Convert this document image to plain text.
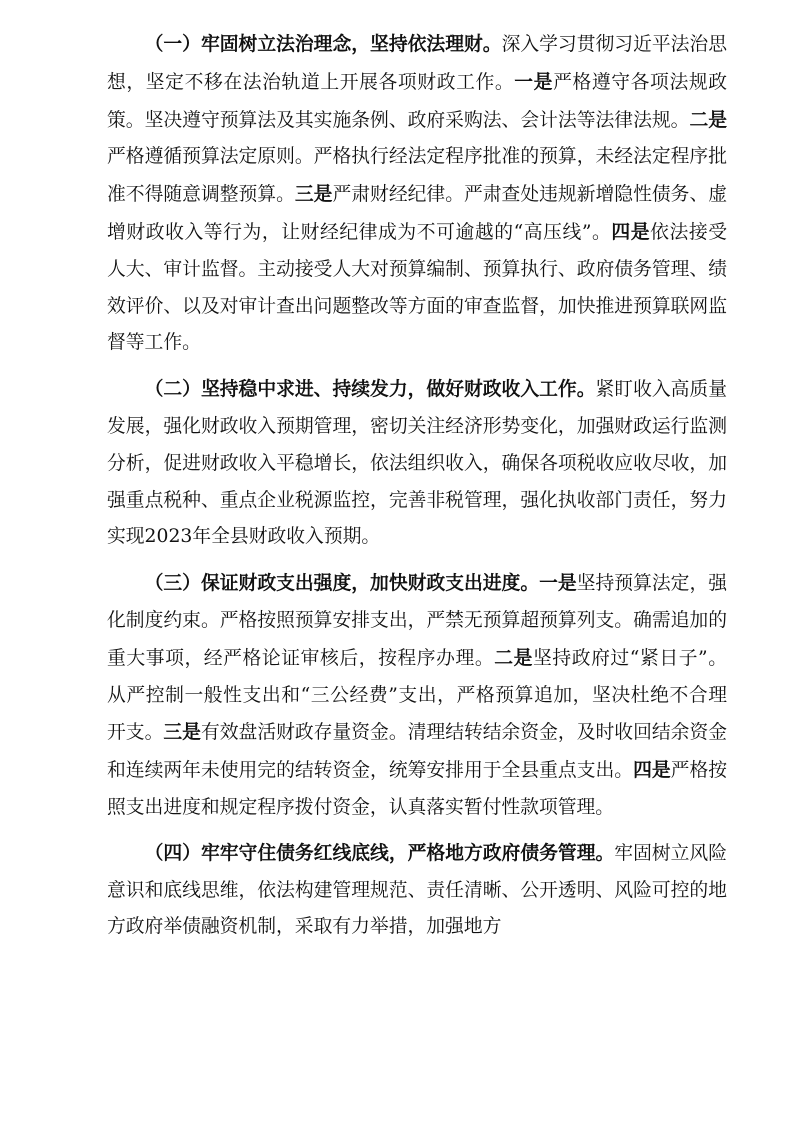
（一）牢固树立法治理念，坚持依法理财。深入学习贯彻习近平法治思想，坚定不移在法治轨道上开展各项财政工作。一是严格遵守各项法规政策。坚决遵守预算法及其实施条例、政府采购法、会计法等法律法规。二是严格遵循预算法定原则。严格执行经法定程序批准的预算，未经法定程序批准不得随意调整预算。三是严肃财经纪律。严肃查处违规新增隐性债务、虚增财政收入等行为，让财经纪律成为不可逾越的“高压线”。四是依法接受人大、审计监督。主动接受人大对预算编制、预算执行、政府债务管理、绩效评价、以及对审计查出问题整改等方面的审查监督，加快推进预算联网监督等工作。

（二）坚持稳中求进、持续发力，做好财政收入工作。紧盯收入高质量发展，强化财政收入预期管理，密切关注经济形势变化，加强财政运行监测分析，促进财政收入平稳增长，依法组织收入，确保各项税收应收尽收，加强重点税种、重点企业税源监控，完善非税管理，强化执收部门责任，努力实现2023年全县财政收入预期。

（三）保证财政支出强度，加快财政支出进度。一是坚持预算法定，强化制度约束。严格按照预算安排支出，严禁无预算超预算列支。确需追加的重大事项，经严格论证审核后，按程序办理。二是坚持政府过“紧日子”。从严控制一般性支出和“三公经费”支出，严格预算追加，坚决杜绝不合理开支。三是有效盘活财政存量资金。清理结转结余资金，及时收回结余资金和连续两年未使用完的结转资金，统筹安排用于全县重点支出。四是严格按照支出进度和规定程序拨付资金，认真落实暂付性款项管理。

（四）牢牢守住债务红线底线，严格地方政府债务管理。牢固树立风险意识和底线思维，依法构建管理规范、责任清晰、公开透明、风险可控的地方政府举债融资机制，采取有力举措，加强地方
